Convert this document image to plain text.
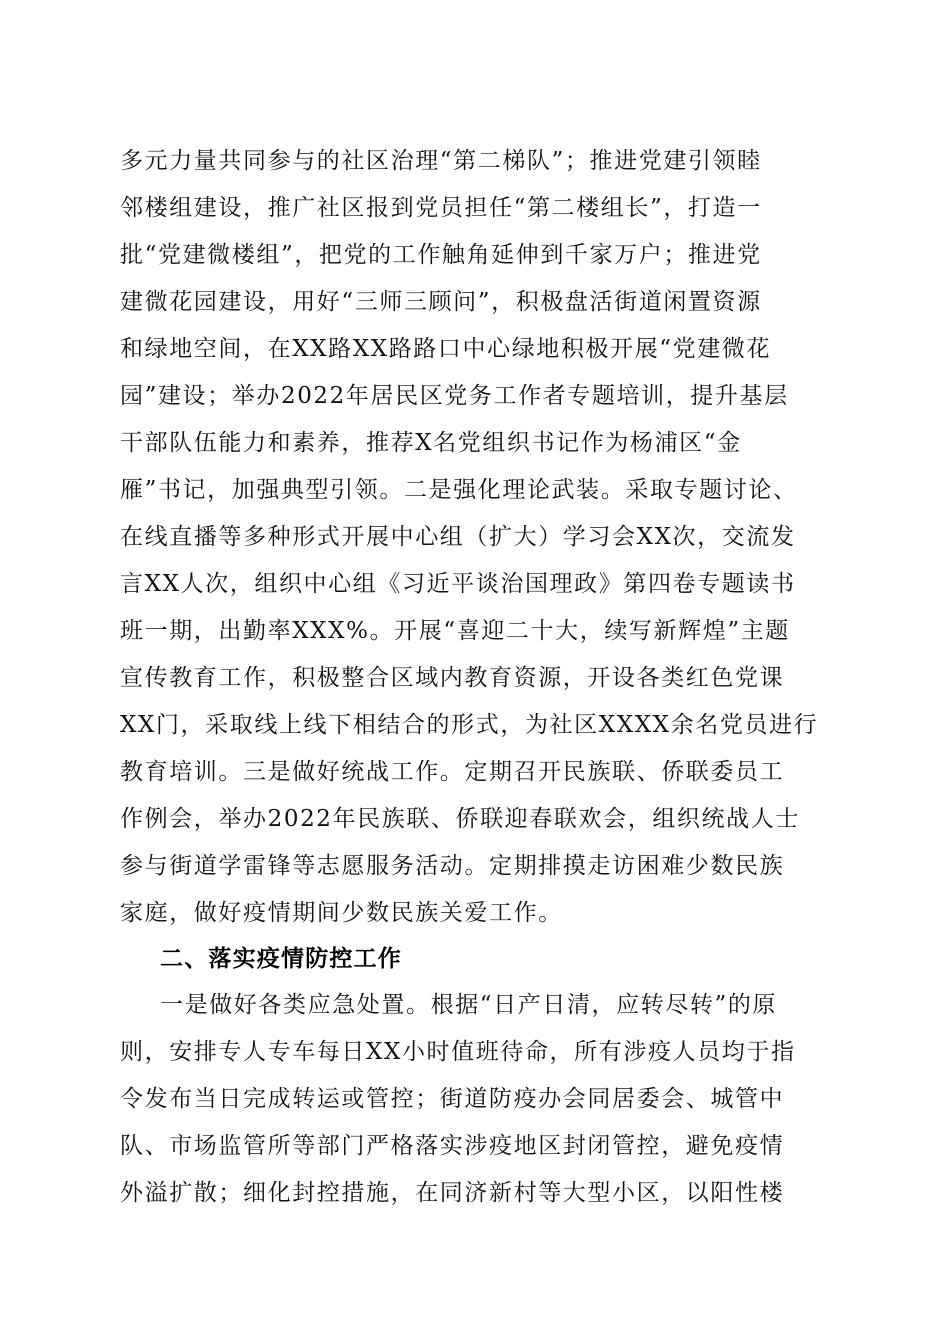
多元力量共同参与的社区治理“第二梯队”；推进党建引领睦
邻楼组建设，推广社区报到党员担任“第二楼组长”，打造一
批“党建微楼组”，把党的工作触角延伸到千家万户；推进党
建微花园建设，用好“三师三顾问”，积极盘活街道闲置资源
和绿地空间，在XX路XX路路口中心绿地积极开展“党建微花
园”建设；举办2022年居民区党务工作者专题培训，提升基层
干部队伍能力和素养，推荐X名党组织书记作为杨浦区“金
雁”书记，加强典型引领。二是强化理论武装。采取专题讨论、
在线直播等多种形式开展中心组（扩大）学习会XX次，交流发
言XX人次，组织中心组《习近平谈治国理政》第四卷专题读书
班一期，出勤率XXX%。开展“喜迎二十大，续写新辉煌”主题
宣传教育工作，积极整合区域内教育资源，开设各类红色党课
XX门，采取线上线下相结合的形式，为社区XXXX余名党员进行
教育培训。三是做好统战工作。定期召开民族联、侨联委员工
作例会，举办2022年民族联、侨联迎春联欢会，组织统战人士
参与街道学雷锋等志愿服务活动。定期排摸走访困难少数民族
家庭，做好疫情期间少数民族关爱工作。
二、落实疫情防控工作
一是做好各类应急处置。根据“日产日清，应转尽转”的原
则，安排专人专车每日XX小时值班待命，所有涉疫人员均于指
令发布当日完成转运或管控；街道防疫办会同居委会、城管中
队、市场监管所等部门严格落实涉疫地区封闭管控，避免疫情
外溢扩散；细化封控措施，在同济新村等大型小区，以阳性楼
